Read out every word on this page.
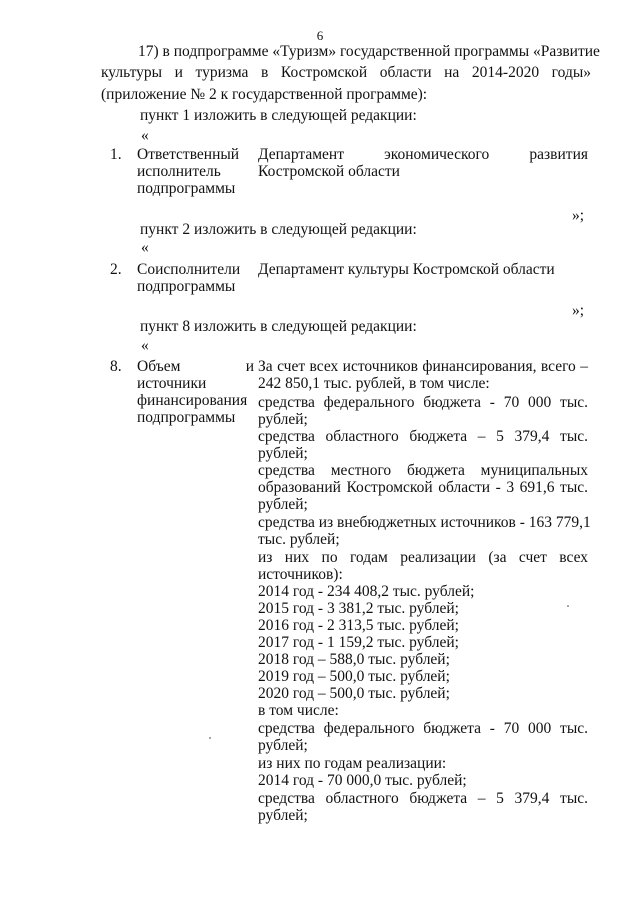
6
17) в подпрограмме «Туризм» государственной программы «Развитие
культуры и туризма в Костромской области на 2014-2020 годы»
(приложение № 2 к государственной программе):
пункт 1 изложить в следующей редакции:
«
1. Ответственный
исполнитель
подпрограммы
Департамент экономического развития
Костромской области
»;
пункт 2 изложить в следующей редакции:
«
2. Соисполнители
подпрограммы
Департамент культуры Костромской области
»;
пункт 8 изложить в следующей редакции:
«
8. Объем и
источники
финансирования
подпрограммы
За счет всех источников финансирования, всего –
242 850,1 тыс. рублей, в том числе:
средства федерального бюджета - 70 000 тыс.
рублей;
средства областного бюджета – 5 379,4 тыс.
рублей;
средства местного бюджета муниципальных
образований Костромской области - 3 691,6 тыс.
рублей;
средства из внебюджетных источников - 163 779,1
тыс. рублей;
из них по годам реализации (за счет всех
источников):
2014 год - 234 408,2 тыс. рублей;
2015 год - 3 381,2 тыс. рублей;
2016 год - 2 313,5 тыс. рублей;
2017 год - 1 159,2 тыс. рублей;
2018 год – 588,0 тыс. рублей;
2019 год – 500,0 тыс. рублей;
2020 год – 500,0 тыс. рублей;
в том числе:
средства федерального бюджета - 70 000 тыс.
рублей;
из них по годам реализации:
2014 год - 70 000,0 тыс. рублей;
средства областного бюджета – 5 379,4 тыс.
рублей;
